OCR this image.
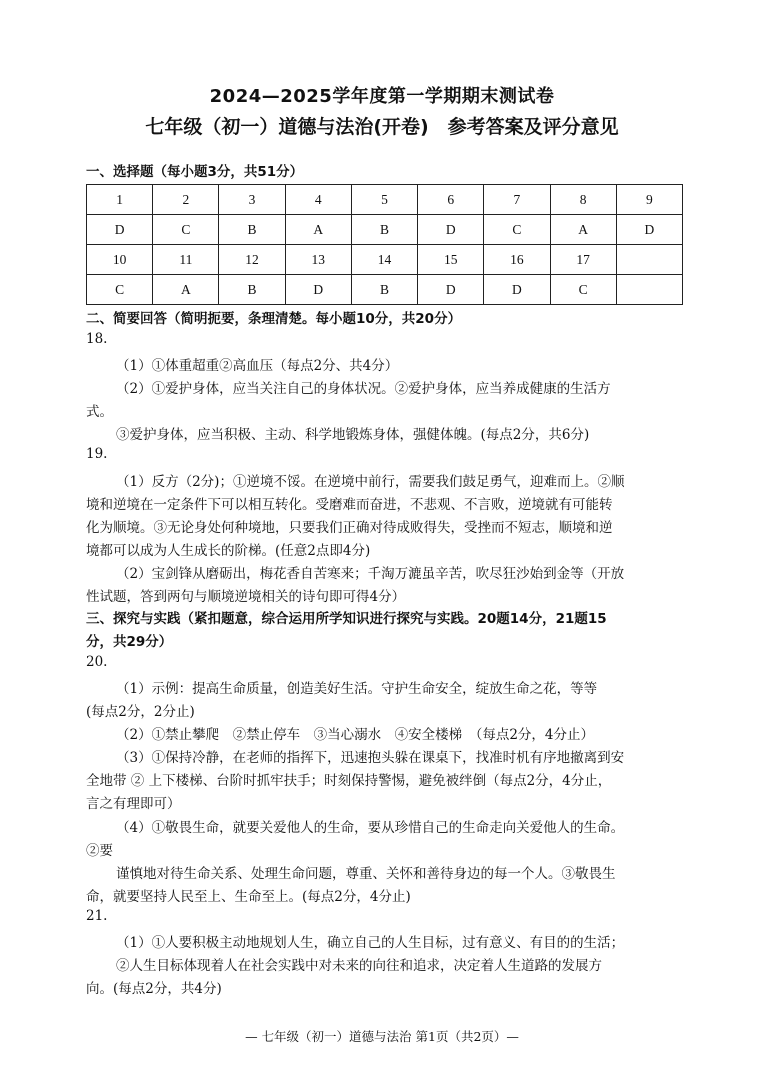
2024—2025学年度第一学期期末测试卷
七年级（初一）道德与法治(开卷)　参考答案及评分意见
一、选择题（每小题3分，共51分）
1	2	3	4	5	6	7	8	9
D	C	B	A	B	D	C	A	D
10	11	12	13	14	15	16	17	
C	A	B	D	B	D	D	C	
二、简要回答（简明扼要，条理清楚。每小题10分，共20分）
18.
（1）①体重超重②高血压（每点2分、共4分）
（2）①爱护身体，应当关注自己的身体状况。②爱护身体，应当养成健康的生活方
式。
③爱护身体，应当积极、主动、科学地锻炼身体，强健体魄。(每点2分，共6分)
19.
（1）反方（2分)；①逆境不馁。在逆境中前行，需要我们鼓足勇气，迎难而上。②顺
境和逆境在一定条件下可以相互转化。受磨难而奋进，不悲观、不言败，逆境就有可能转
化为顺境。③无论身处何种境地，只要我们正确对待成败得失，受挫而不短志，顺境和逆
境都可以成为人生成长的阶梯。(任意2点即4分)
（2）宝剑锋从磨砺出，梅花香自苦寒来；千淘万漉虽辛苦，吹尽狂沙始到金等（开放
性试题，答到两句与顺境逆境相关的诗句即可得4分）
三、探究与实践（紧扣题意，综合运用所学知识进行探究与实践。20题14分，21题15
分，共29分）
20.
（1）示例：提高生命质量，创造美好生活。守护生命安全，绽放生命之花，等等
(每点2分，2分止)
（2）①禁止攀爬　②禁止停车　③当心溺水　④安全楼梯　（每点2分，4分止）
（3）①保持冷静，在老师的指挥下，迅速抱头躲在课桌下，找准时机有序地撤离到安
全地带 ② 上下楼梯、台阶时抓牢扶手；时刻保持警惕，避免被绊倒（每点2分，4分止，
言之有理即可）
（4）①敬畏生命，就要关爱他人的生命，要从珍惜自己的生命走向关爱他人的生命。
②要
谨慎地对待生命关系、处理生命问题，尊重、关怀和善待身边的每一个人。③敬畏生
命，就要坚持人民至上、生命至上。(每点2分，4分止)
21.
（1）①人要积极主动地规划人生，确立自己的人生目标，过有意义、有目的的生活；
②人生目标体现着人在社会实践中对未来的向往和追求，决定着人生道路的发展方
向。(每点2分，共4分)
— 七年级（初一）道德与法治 第1页（共2页）—
